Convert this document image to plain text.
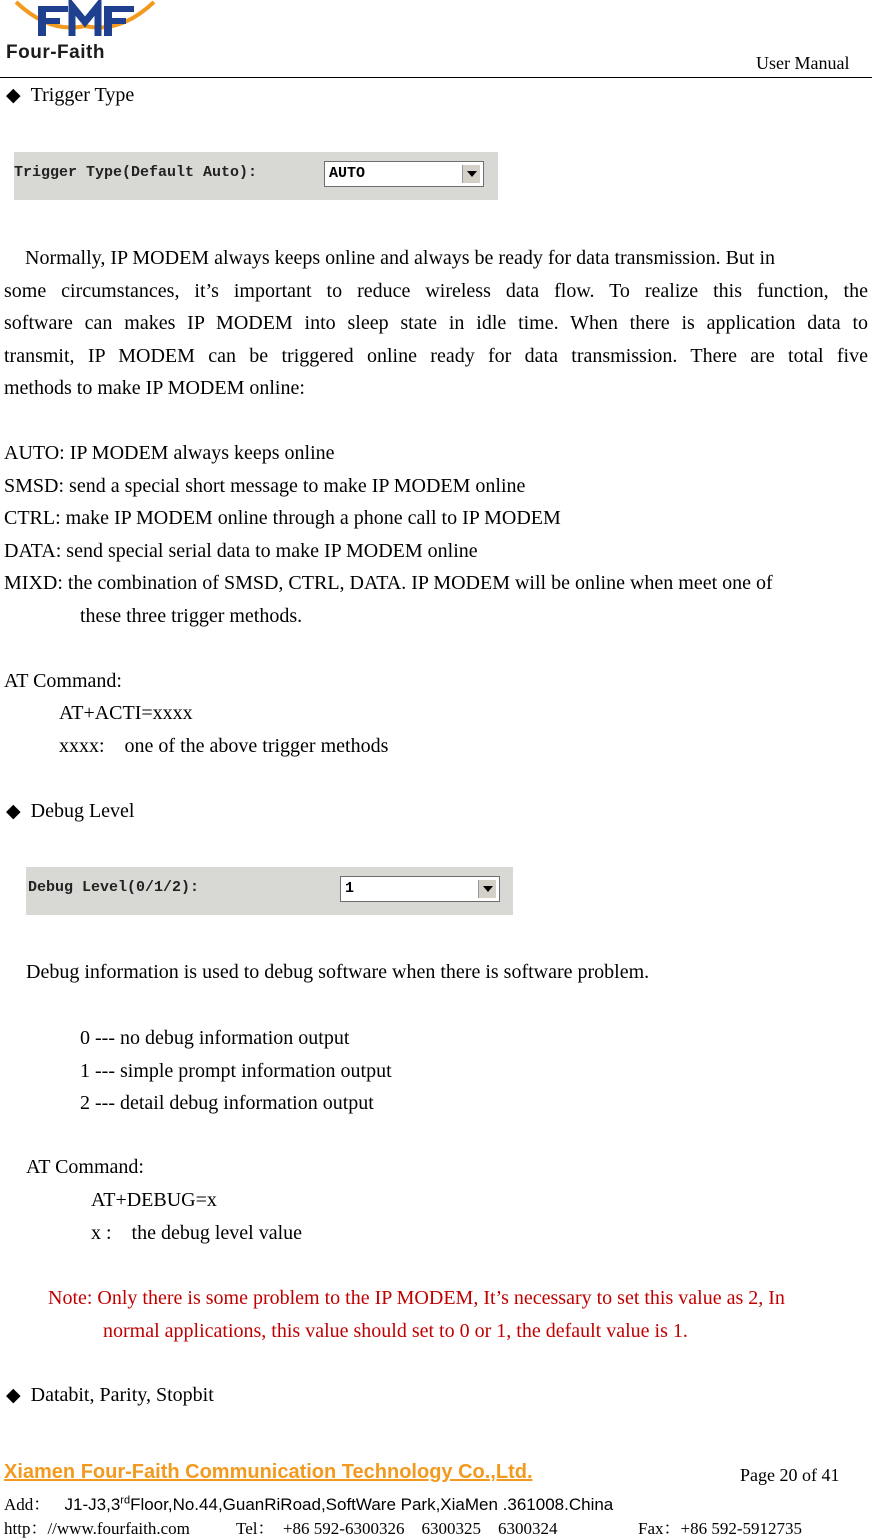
Four-Faith	User Manual
◆ Trigger Type
Trigger Type(Default Auto):	AUTO
Normally, IP MODEM always keeps online and always be ready for data transmission. But in
some circumstances, it’s important to reduce wireless data flow. To realize this function, the
software can makes IP MODEM into sleep state in idle time. When there is application data to
transmit, IP MODEM can be triggered online ready for data transmission. There are total five
methods to make IP MODEM online:
AUTO: IP MODEM always keeps online
SMSD: send a special short message to make IP MODEM online
CTRL: make IP MODEM online through a phone call to IP MODEM
DATA: send special serial data to make IP MODEM online
MIXD: the combination of SMSD, CTRL, DATA. IP MODEM will be online when meet one of
these three trigger methods.
AT Command:
AT+ACTI=xxxx
xxxx:    one of the above trigger methods
◆ Debug Level
Debug Level(0/1/2):	1
Debug information is used to debug software when there is software problem.
0 --- no debug information output
1 --- simple prompt information output
2 --- detail debug information output
AT Command:
AT+DEBUG=x
x :    the debug level value
Note: Only there is some problem to the IP MODEM, It’s necessary to set this value as 2, In
normal applications, this value should set to 0 or 1, the default value is 1.
◆ Databit, Parity, Stopbit
Xiamen Four-Faith Communication Technology Co.,Ltd.	Page 20 of 41
Add： J1-J3,3rdFloor,No.44,GuanRiRoad,SoftWare Park,XiaMen .361008.China
http：//www.fourfaith.com	Tel：  +86 592-6300326    6300325    6300324	Fax：+86 592-5912735
